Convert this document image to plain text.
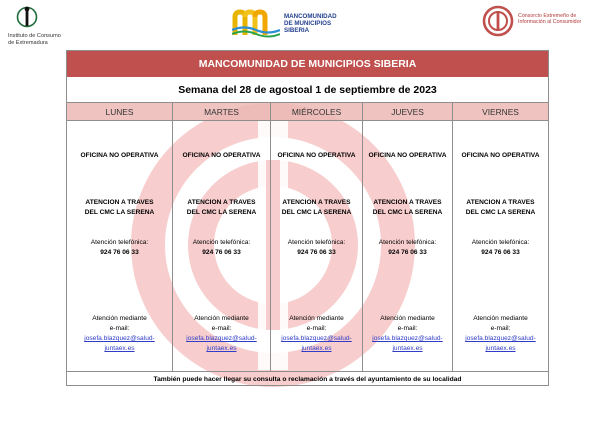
Instituto de Consumo
de Extremadura
MANCOMUNIDAD
DE MUNICIPIOS
SIBERIA
Consorcio Extremeño de
Información al Consumidor
MANCOMUNIDAD DE MUNICIPIOS SIBERIA
Semana del 28 de agostoal 1 de septiembre de 2023
LUNES
OFICINA NO OPERATIVA
ATENCION A TRAVES
DEL CMC LA SERENA
Atención telefónica:
924 76 06 33
Atención mediante
e-mail:
josefa.blazquez@salud-
juntaex.es
MARTES
OFICINA NO OPERATIVA
ATENCION A TRAVES
DEL CMC LA SERENA
Atención telefónica:
924 76 06 33
Atención mediante
e-mail:
josefa.blazquez@salud-
juntaex.es
MIÉRCOLES
OFICINA NO OPERATIVA
ATENCION A TRAVES
DEL CMC LA SERENA
Atención telefónica:
924 76 06 33
Atención mediante
e-mail:
josefa.blazquez@salud-
juntaex.es
JUEVES
OFICINA NO OPERATIVA
ATENCION A TRAVES
DEL CMC LA SERENA
Atención telefónica:
924 76 06 33
Atención mediante
e-mail:
josefa.blazquez@salud-
juntaex.es
VIERNES
OFICINA NO OPERATIVA
ATENCION A TRAVES
DEL CMC LA SERENA
Atención telefónica:
924 76 06 33
Atención mediante
e-mail:
josefa.blazquez@salud-
juntaex.es
También puede hacer llegar su consulta o reclamación a través del ayuntamiento de su localidad
